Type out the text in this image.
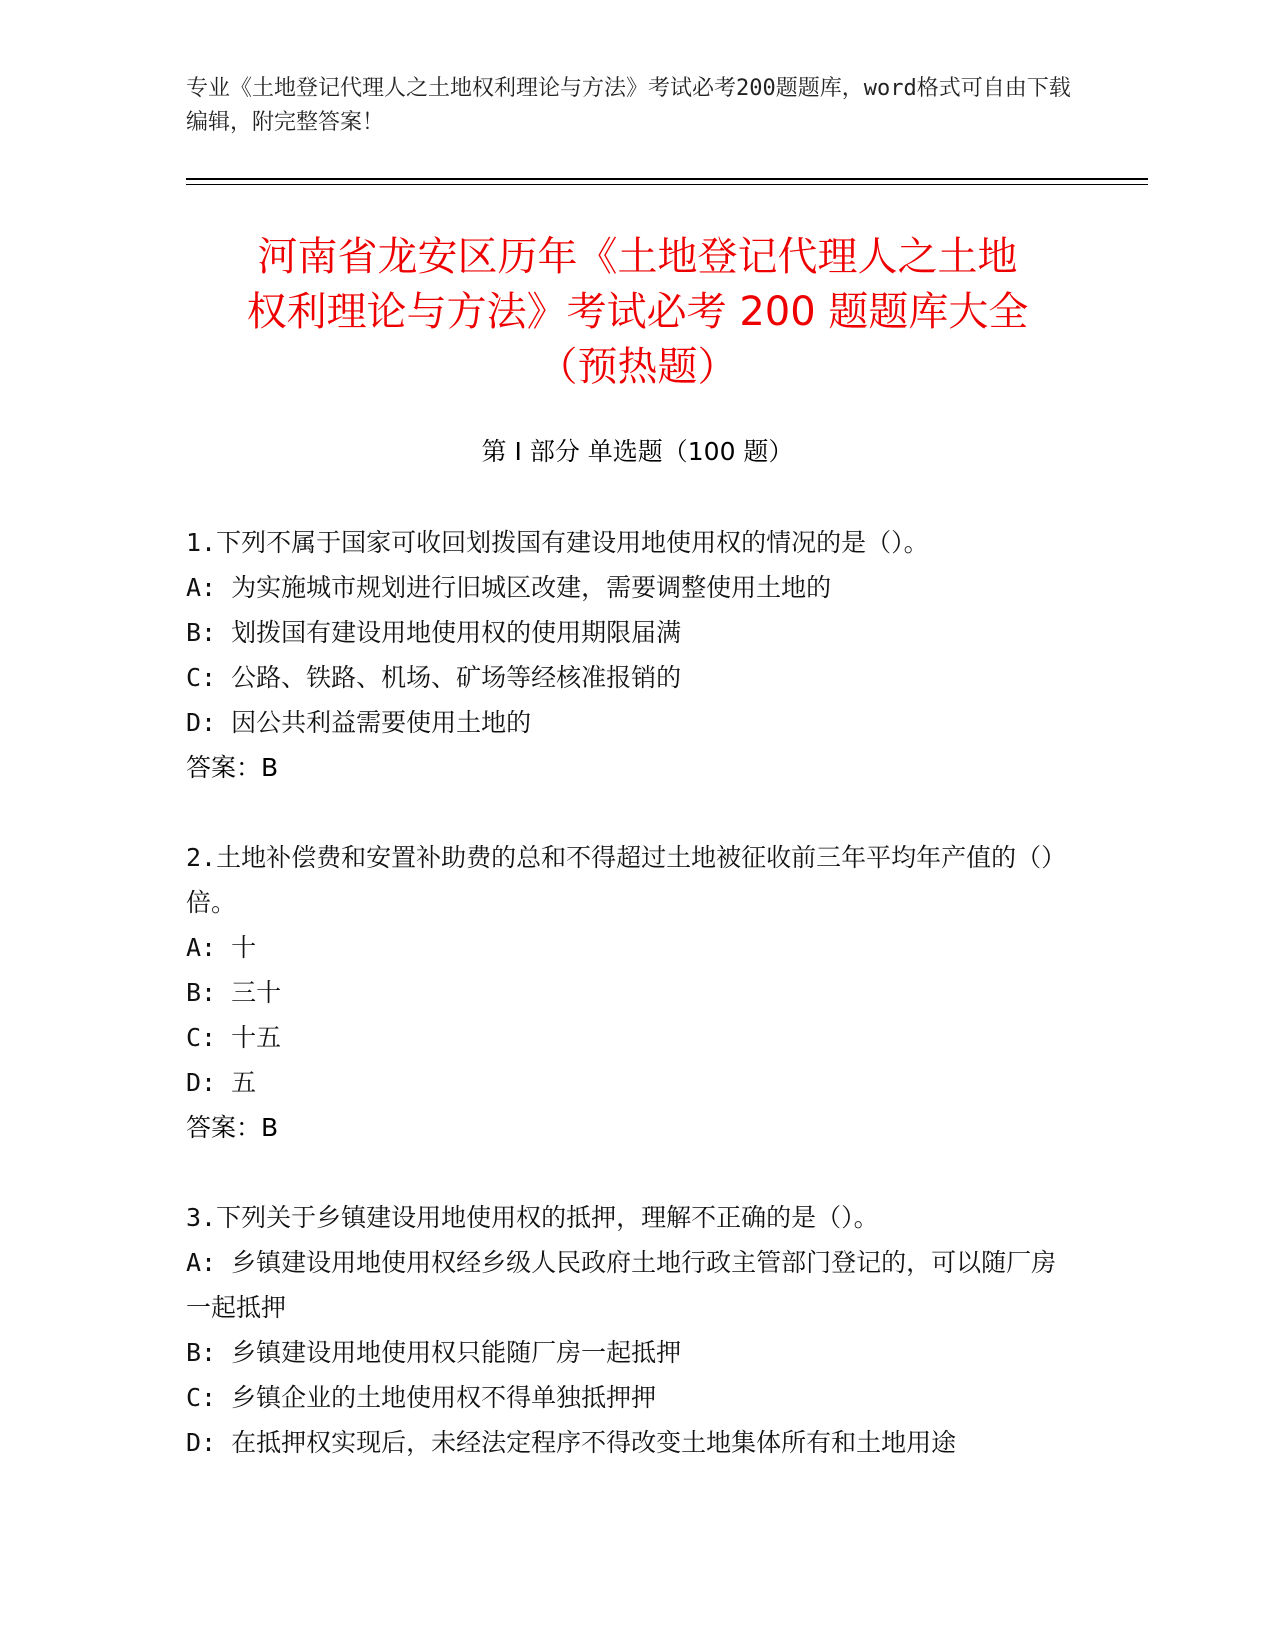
专业《土地登记代理人之土地权利理论与方法》考试必考200题题库，word格式可自由下载编辑，附完整答案！
河南省龙安区历年《土地登记代理人之土地
权利理论与方法》考试必考 200 题题库大全
（预热题）
第 I 部分 单选题（100 题）

1.下列不属于国家可收回划拨国有建设用地使用权的情况的是（）。

A: 为实施城市规划进行旧城区改建，需要调整使用土地的

B: 划拨国有建设用地使用权的使用期限届满

C: 公路、铁路、机场、矿场等经核准报销的

D: 因公共利益需要使用土地的

答案：B

2.土地补偿费和安置补助费的总和不得超过土地被征收前三年平均年产值的（）倍。

A: 十

B: 三十

C: 十五

D: 五

答案：B

3.下列关于乡镇建设用地使用权的抵押，理解不正确的是（）。

A: 乡镇建设用地使用权经乡级人民政府土地行政主管部门登记的，可以随厂房一起抵押

B: 乡镇建设用地使用权只能随厂房一起抵押

C: 乡镇企业的土地使用权不得单独抵押押

D: 在抵押权实现后，未经法定程序不得改变土地集体所有和土地用途
